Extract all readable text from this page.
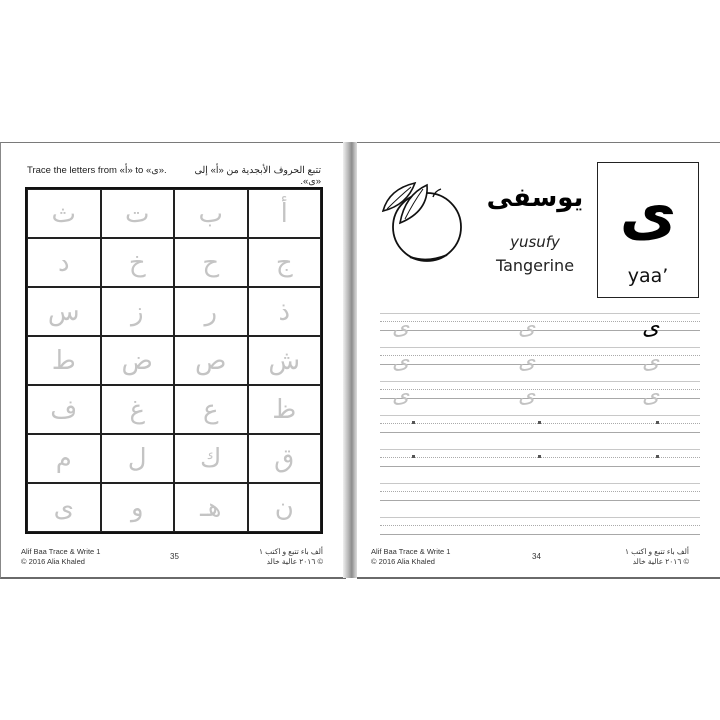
Trace the letters from «أ» to «ى».	تتبع الحروف الأبجدية من «أ» إلى «ى».
ث	ت	ب	أ
د	خ	ح	ج
س	ز	ر	ذ
ط	ض	ص	ش
ف	غ	ع	ظ
م	ل	ك	ق
ى	و	هـ	ن
Alif Baa Trace & Write 1
© 2016 Alia Khaled
35
ألف باء تتبع و اكتب ١
© ٢٠١٦ عالية خالد
يوسفى
yusufy
Tangerine
ى
yaa’
ى	ى	ى
ى	ى	ى
ى	ى	ى
Alif Baa Trace & Write 1
© 2016 Alia Khaled
34
ألف باء تتبع و اكتب ١
© ٢٠١٦ عالية خالد
